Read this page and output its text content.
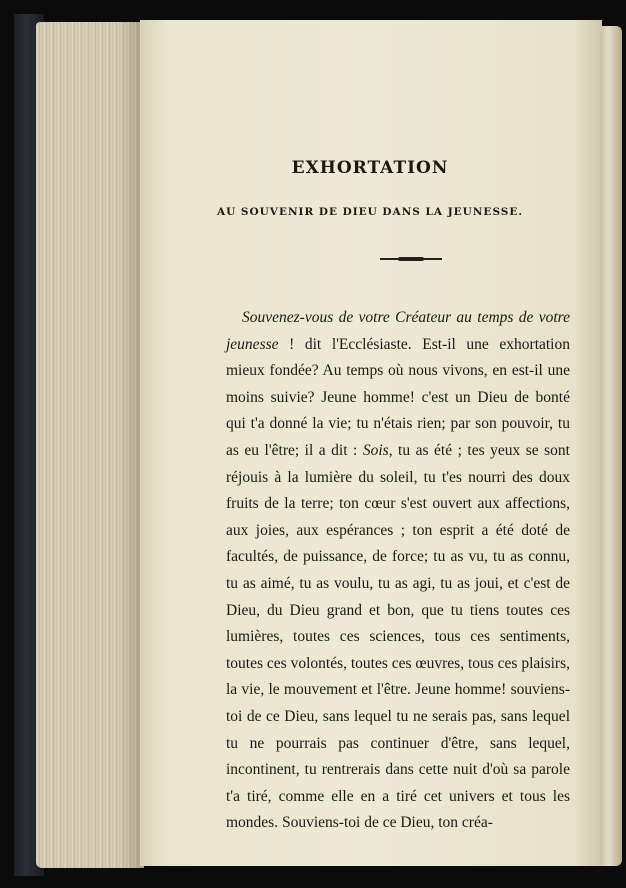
EXHORTATION
AU SOUVENIR DE DIEU DANS LA JEUNESSE.

Souvenez-vous de votre Créateur au temps de votre jeunesse ! dit l'Ecclésiaste. Est-il une exhortation mieux fondée? Au temps où nous vivons, en est-il une moins suivie? Jeune homme! c'est un Dieu de bonté qui t'a donné la vie; tu n'étais rien; par son pouvoir, tu as eu l'être; il a dit : Sois, tu as été ; tes yeux se sont réjouis à la lumière du soleil, tu t'es nourri des doux fruits de la terre; ton cœur s'est ouvert aux affections, aux joies, aux espérances ; ton esprit a été doté de facultés, de puissance, de force; tu as vu, tu as connu, tu as aimé, tu as voulu, tu as agi, tu as joui, et c'est de Dieu, du Dieu grand et bon, que tu tiens toutes ces lumières, toutes ces sciences, tous ces sentiments, toutes ces volontés, toutes ces œuvres, tous ces plaisirs, la vie, le mouvement et l'être. Jeune homme! souviens-toi de ce Dieu, sans lequel tu ne serais pas, sans lequel tu ne pourrais pas continuer d'être, sans lequel, incontinent, tu rentrerais dans cette nuit d'où sa parole t'a tiré, comme elle en a tiré cet univers et tous les mondes. Souviens-toi de ce Dieu, ton créa-
